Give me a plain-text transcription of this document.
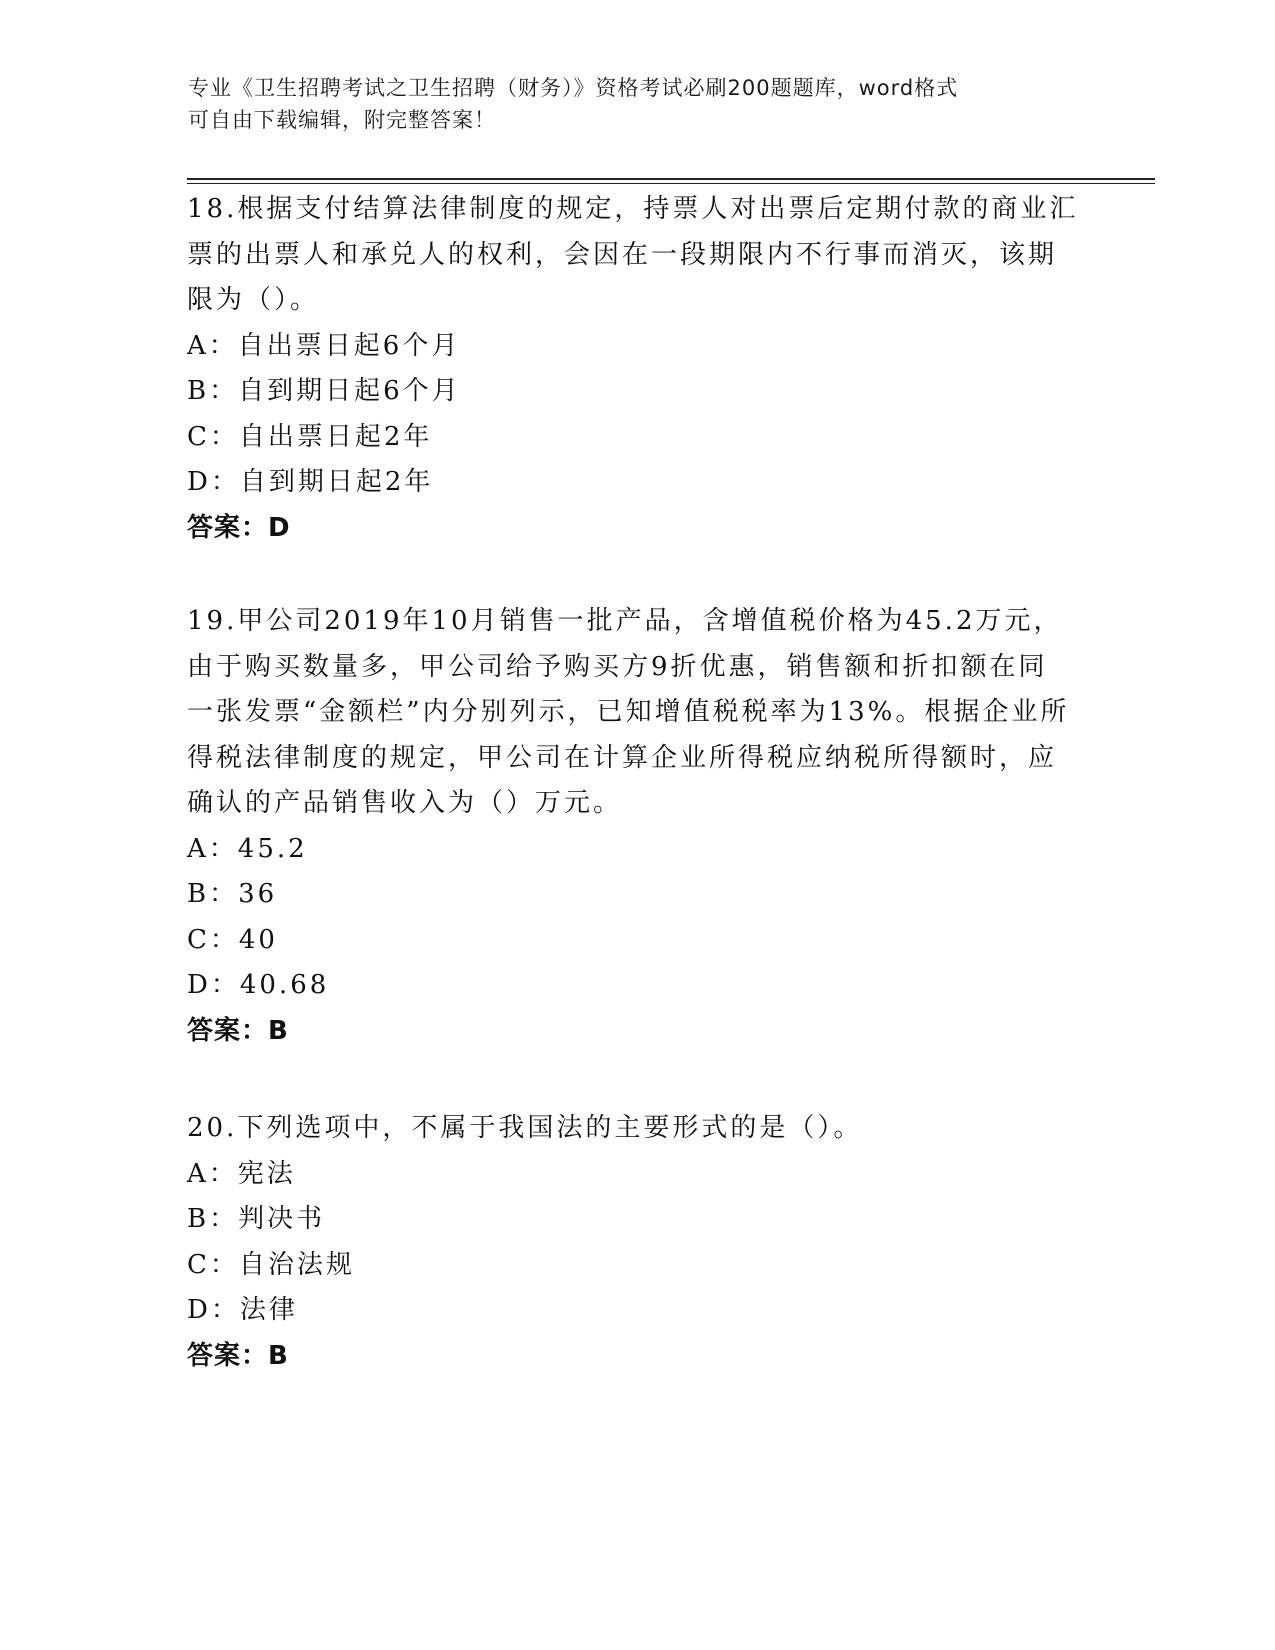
专业《卫生招聘考试之卫生招聘（财务）》资格考试必刷200题题库，word格式
可自由下载编辑，附完整答案！
18.根据支付结算法律制度的规定，持票人对出票后定期付款的商业汇
票的出票人和承兑人的权利，会因在一段期限内不行事而消灭，该期
限为（）。
A：自出票日起6个月
B：自到期日起6个月
C：自出票日起2年
D：自到期日起2年
答案：D
19.甲公司2019年10月销售一批产品，含增值税价格为45.2万元，
由于购买数量多，甲公司给予购买方9折优惠，销售额和折扣额在同
一张发票“金额栏”内分别列示，已知增值税税率为13%。根据企业所
得税法律制度的规定，甲公司在计算企业所得税应纳税所得额时，应
确认的产品销售收入为（）万元。
A：45.2
B：36
C：40
D：40.68
答案：B
20.下列选项中，不属于我国法的主要形式的是（）。
A：宪法
B：判决书
C：自治法规
D：法律
答案：B
